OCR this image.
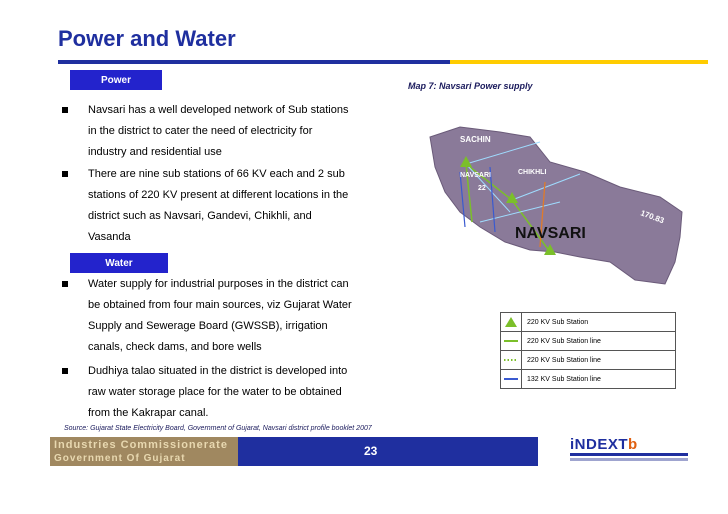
Power and Water
Power
Map 7: Navsari Power supply
Navsari has a well developed network of Sub stations
in the district to cater the need of electricity for
industry and residential use
There are nine sub stations of 66 KV each and 2 sub
stations of 220 KV present at different locations in the
district such as Navsari, Gandevi, Chikhli, and
Vasanda
Water
Water supply for industrial purposes in the district can
be obtained from four main sources, viz Gujarat Water
Supply and Sewerage Board (GWSSB), irrigation
canals, check dams, and bore wells
Dudhiya talao situated in the district is developed into
raw water storage place for the water to be obtained
from the Kakrapar canal.
SACHIN
NAVSARI
22
CHIKHLI
170.83
NAVSARI
220 KV Sub Station
220 KV Sub Station line
220 KV Sub Station line
132 KV Sub Station line
Source: Gujarat State Electricity Board, Government of Gujarat, Navsari district profile booklet 2007
Industries Commissionerate
Government Of Gujarat
23	iNDEXTb
